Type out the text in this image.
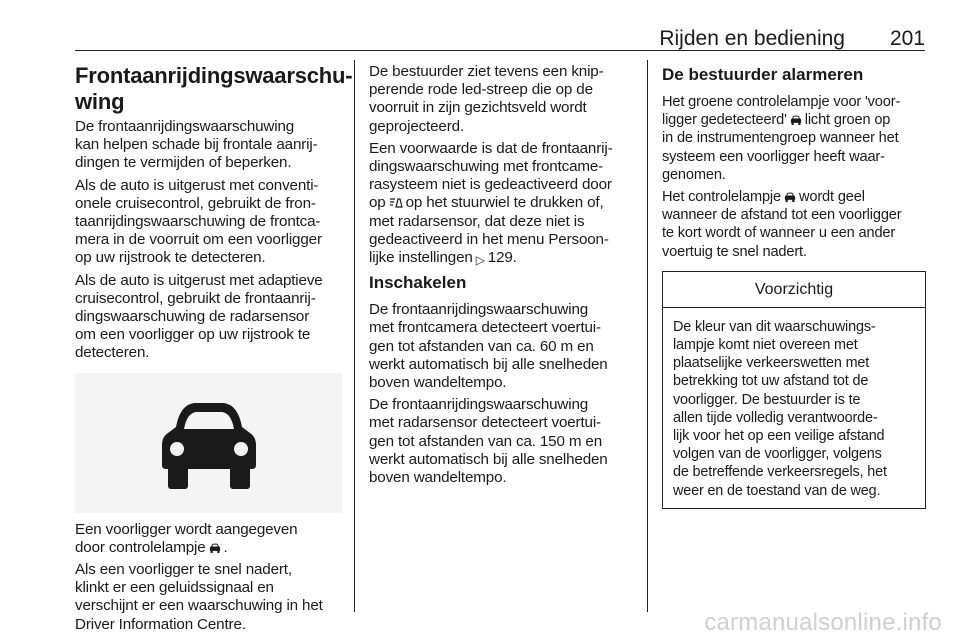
Rijden en bediening 201
Frontaanrijdingswaarschu-
wing

De frontaanrijdingswaarschuwing
kan helpen schade bij frontale aanrij-
dingen te vermijden of beperken.

Als de auto is uitgerust met conventi-
onele cruisecontrol, gebruikt de fron-
taanrijdingswaarschuwing de frontca-
mera in de voorruit om een voorligger
op uw rijstrook te detecteren.

Als de auto is uitgerust met adaptieve
cruisecontrol, gebruikt de frontaanrij-
dingswaarschuwing de radarsensor
om een voorligger op uw rijstrook te
detecteren.

Een voorligger wordt aangegeven
door controlelampje .

Als een voorligger te snel nadert,
klinkt er een geluidssignaal en
verschijnt er een waarschuwing in het
Driver Information Centre.

De bestuurder ziet tevens een knip-
perende rode led-streep die op de
voorruit in zijn gezichtsveld wordt
geprojecteerd.

Een voorwaarde is dat de frontaanrij-
dingswaarschuwing met frontcame-
rasysteem niet is gedeactiveerd door
op op het stuurwiel te drukken of,
met radarsensor, dat deze niet is
gedeactiveerd in het menu Persoon-
lijke instellingen ▷ 129.

Inschakelen

De frontaanrijdingswaarschuwing
met frontcamera detecteert voertui-
gen tot afstanden van ca. 60 m en
werkt automatisch bij alle snelheden
boven wandeltempo.

De frontaanrijdingswaarschuwing
met radarsensor detecteert voertui-
gen tot afstanden van ca. 150 m en
werkt automatisch bij alle snelheden
boven wandeltempo.

De bestuurder alarmeren

Het groene controlelampje voor 'voor-
ligger gedetecteerd' licht groen op
in de instrumentengroep wanneer het
systeem een voorligger heeft waar-
genomen.

Het controlelampje wordt geel
wanneer de afstand tot een voorligger
te kort wordt of wanneer u een ander
voertuig te snel nadert.

Voorzichtig

De kleur van dit waarschuwings-
lampje komt niet overeen met
plaatselijke verkeerswetten met
betrekking tot uw afstand tot de
voorligger. De bestuurder is te
allen tijde volledig verantwoorde-
lijk voor het op een veilige afstand
volgen van de voorligger, volgens
de betreffende verkeersregels, het
weer en de toestand van de weg.

carmanualsonline.info
